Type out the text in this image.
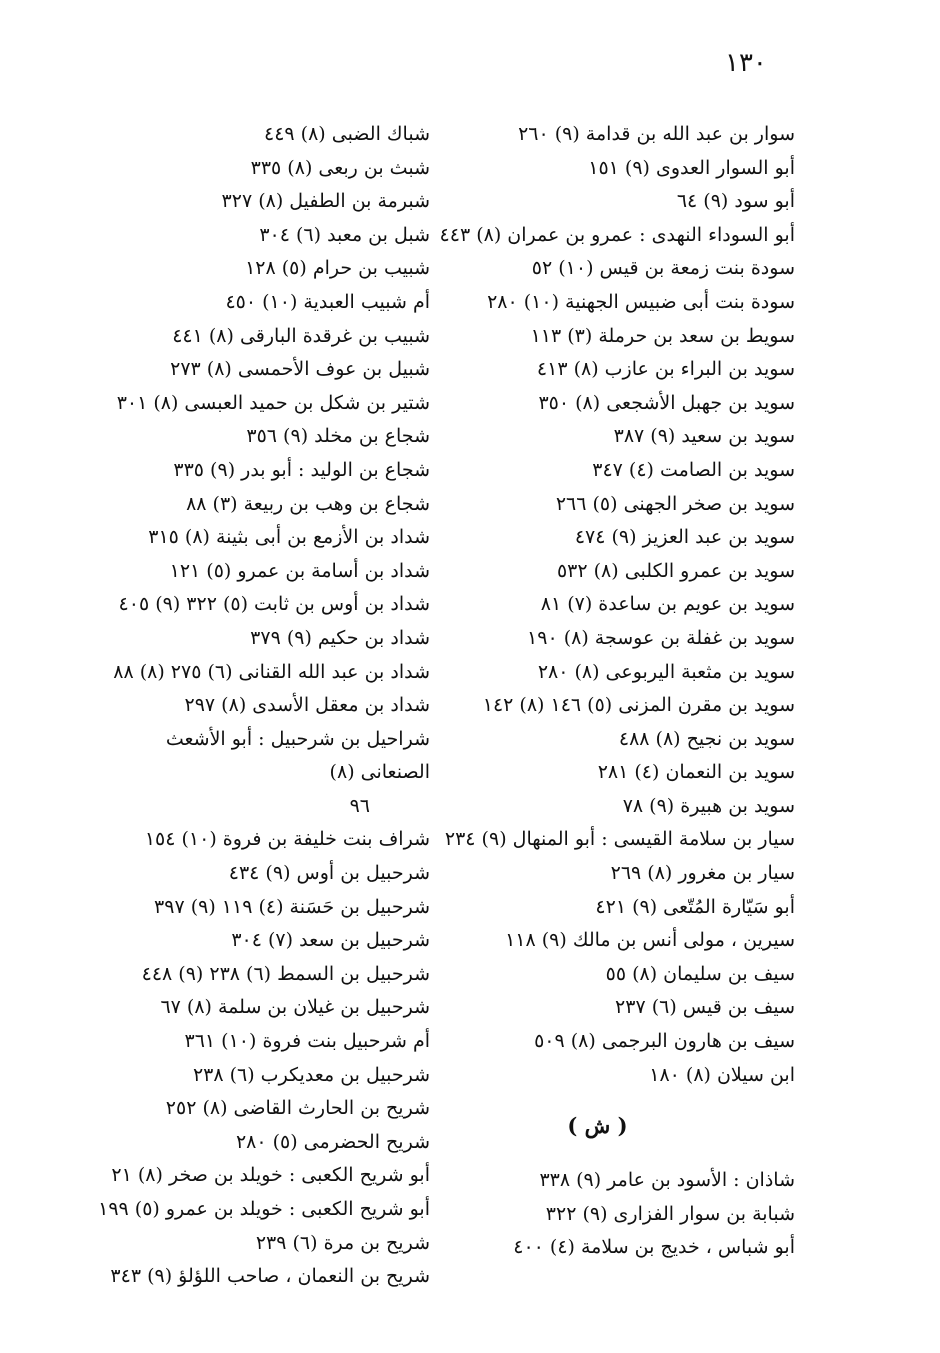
١٣٠
سوار بن عبد الله بن قدامة (٩) ٢٦٠
أبو السوار العدوى (٩) ١٥١
أبو سود (٩) ٦٤
أبو السوداء النهدى : عمرو بن عمران (٨) ٤٤٣
سودة بنت زمعة بن قيس (١٠) ٥٢
سودة بنت أبى ضبيس الجهنية (١٠) ٢٨٠
سويط بن سعد بن حرملة (٣) ١١٣
سويد بن البراء بن عازب (٨) ٤١٣
سويد بن جهبل الأشجعى (٨) ٣٥٠
سويد بن سعيد (٩) ٣٨٧
سويد بن الصامت (٤) ٣٤٧
سويد بن صخر الجهنى (٥) ٢٦٦
سويد بن عبد العزيز (٩) ٤٧٤
سويد بن عمرو الكلبى (٨) ٥٣٢
سويد بن عويم بن ساعدة (٧) ٨١
سويد بن غفلة بن عوسجة (٨) ١٩٠
سويد بن مثعبة اليربوعى (٨) ٢٨٠
سويد بن مقرن المزنى (٥) ١٤٦ (٨) ١٤٢
سويد بن نجيح (٨) ٤٨٨
سويد بن النعمان (٤) ٢٨١
سويد بن هبيرة (٩) ٧٨
سيار بن سلامة القيسى : أبو المنهال (٩) ٢٣٤
سيار بن مغرور (٨) ٢٦٩
أبو سَيّارة المُتّعى (٩) ٤٢١
سيرين ، مولى أنس بن مالك (٩) ١١٨
سيف بن سليمان (٨) ٥٥
سيف بن قيس (٦) ٢٣٧
سيف بن هارون البرجمى (٨) ٥٠٩
ابن سيلان (٨) ١٨٠
( ش )
شاذان : الأسود بن عامر (٩) ٣٣٨
شبابة بن سوار الفزارى (٩) ٣٢٢
أبو شباس ، خديج بن سلامة (٤) ٤٠٠
شباك الضبى (٨) ٤٤٩
شبث بن ربعى (٨) ٣٣٥
شبرمة بن الطفيل (٨) ٣٢٧
شبل بن معبد (٦) ٣٠٤
شبيب بن حرام (٥) ١٢٨
أم شبيب العبدية (١٠) ٤٥٠
شبيب بن غرقدة البارقى (٨) ٤٤١
شبيل بن عوف الأحمسى (٨) ٢٧٣
شتير بن شكل بن حميد العبسى (٨) ٣٠١
شجاع بن مخلد (٩) ٣٥٦
شجاع بن الوليد : أبو بدر (٩) ٣٣٥
شجاع بن وهب بن ربيعة (٣) ٨٨
شداد بن الأزمع بن أبى بثينة (٨) ٣١٥
شداد بن أسامة بن عمرو (٥) ١٢١
شداد بن أوس بن ثابت (٥) ٣٢٢ (٩) ٤٠٥
شداد بن حكيم (٩) ٣٧٩
شداد بن عبد الله القنانى (٦) ٢٧٥ (٨) ٨٨
شداد بن معقل الأسدى (٨) ٢٩٧
شراحيل بن شرحبيل : أبو الأشعث الصنعانى (٨)
٩٦
شراف بنت خليفة بن فروة (١٠) ١٥٤
شرحبيل بن أوس (٩) ٤٣٤
شرحبيل بن حَسَنة (٤) ١١٩ (٩) ٣٩٧
شرحبيل بن سعد (٧) ٣٠٤
شرحبيل بن السمط (٦) ٢٣٨ (٩) ٤٤٨
شرحبيل بن غيلان بن سلمة (٨) ٦٧
أم شرحبيل بنت فروة (١٠) ٣٦١
شرحبيل بن معديكرب (٦) ٢٣٨
شريح بن الحارث القاضى (٨) ٢٥٢
شريح الحضرمى (٥) ٢٨٠
أبو شريح الكعبى : خويلد بن صخر (٨) ٢١
أبو شريح الكعبى : خويلد بن عمرو (٥) ١٩٩
شريح بن مرة (٦) ٢٣٩
شريح بن النعمان ، صاحب اللؤلؤ (٩) ٣٤٣
